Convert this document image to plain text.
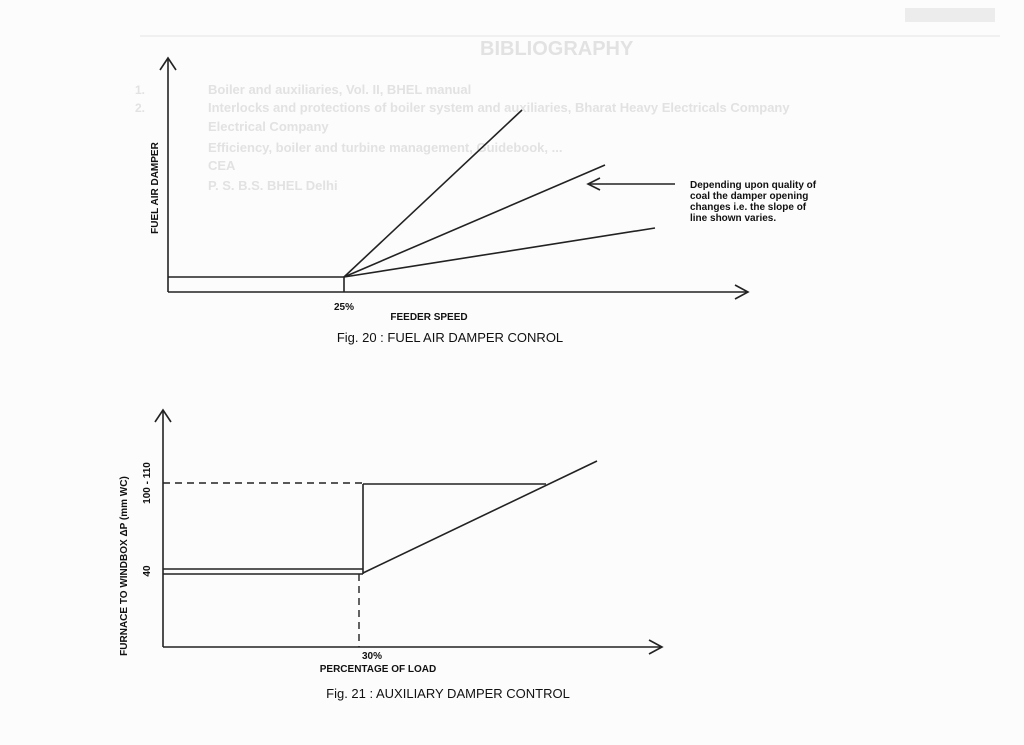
BIBLIOGRAPHY
1.
2.
Boiler and auxiliaries, Vol. II, BHEL manual
Interlocks and protections of boiler system and auxiliaries, Bharat Heavy Electricals Company
Electrical Company
Efficiency, boiler and turbine management, Guidebook, ...
CEA
P. S. B.S. BHEL Delhi	Depending upon quality of
coal the damper opening
changes i.e. the slope of
line shown varies.
FUEL AIR DAMPER
25%
FEEDER SPEED
Fig. 20 : FUEL AIR DAMPER CONROL
FURNACE TO WINDBOX ΔP (mm WC) 100 - 110
40
30%
PERCENTAGE OF LOAD
Fig. 21 : AUXILIARY DAMPER CONTROL
